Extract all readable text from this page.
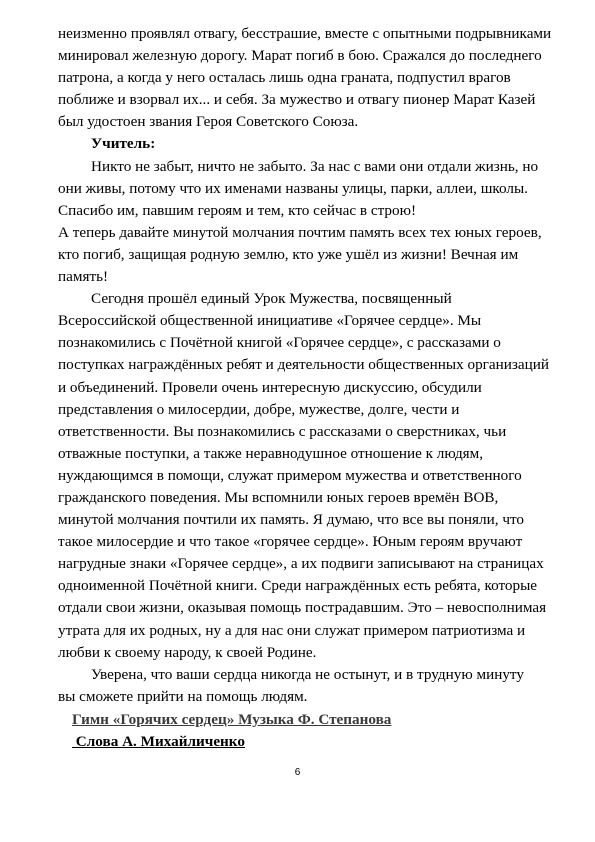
неизменно проявлял отвагу, бесстрашие, вместе с опытными подрывниками
минировал железную дорогу. Марат погиб в бою. Сражался до последнего
патрона, а когда у него осталась лишь одна граната, подпустил врагов
поближе и взорвал их... и себя. За мужество и отвагу пионер Марат Казей
был удостоен звания Героя Советского Союза.
Учитель:
Никто не забыт, ничто не забыто. За нас с вами они отдали жизнь, но
они живы, потому что их именами названы улицы, парки, аллеи, школы.
Спасибо им, павшим героям и тем, кто сейчас в строю!
А теперь давайте минутой молчания почтим память всех тех юных героев,
кто погиб, защищая родную землю, кто уже ушёл из жизни! Вечная им
память!
Сегодня прошёл единый Урок Мужества, посвященный
Всероссийской общественной инициативе «Горячее сердце». Мы
познакомились с Почётной книгой «Горячее сердце», с рассказами о
поступках награждённых ребят и деятельности общественных организаций
и объединений. Провели очень интересную дискуссию, обсудили
представления о милосердии, добре, мужестве, долге, чести и
ответственности. Вы познакомились с рассказами о сверстниках, чьи
отважные поступки, а также неравнодушное отношение к людям,
нуждающимся в помощи, служат примером мужества и ответственного
гражданского поведения. Мы вспомнили юных героев времён ВОВ,
минутой молчания почтили их память. Я думаю, что все вы поняли, что
такое милосердие и что такое «горячее сердце». Юным героям вручают
нагрудные знаки «Горячее сердце», а их подвиги записывают на страницах
одноименной Почётной книги. Среди награждённых есть ребята, которые
отдали свои жизни, оказывая помощь пострадавшим. Это – невосполнимая
утрата для их родных, ну а для нас они служат примером патриотизма и
любви к своему народу, к своей Родине.
Уверена, что ваши сердца никогда не остынут, и в трудную минуту
вы сможете прийти на помощь людям.
Гимн «Горячих сердец» Музыка Ф. Степанова
Слова А. Михайличенко
6
